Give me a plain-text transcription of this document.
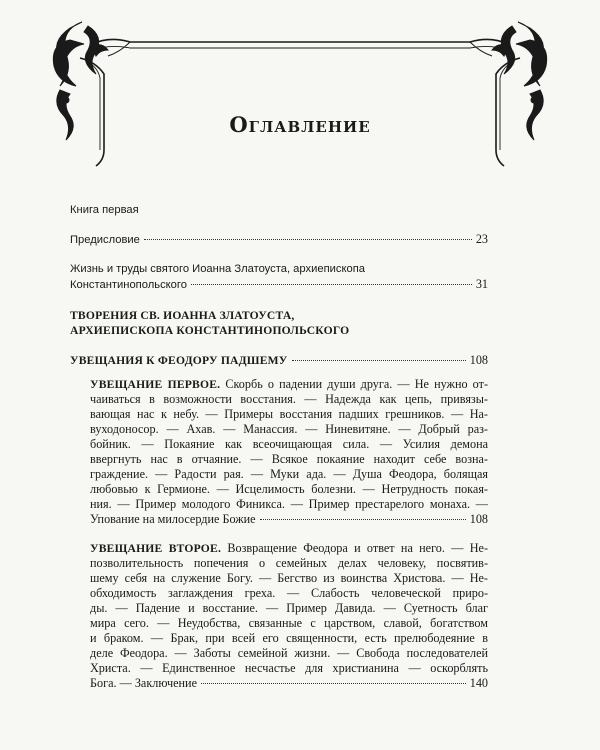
Оглавление
Книга первая
Предисловие	23
Жизнь и труды святого Иоанна Златоуста, архиепископа
Константинопольского	31
ТВОРЕНИЯ СВ. ИОАННА ЗЛАТОУСТА,
АРХИЕПИСКОПА КОНСТАНТИНОПОЛЬСКОГО
УВЕЩАНИЯ К ФЕОДОРУ ПАДШЕМУ	108
УВЕЩАНИЕ ПЕРВОЕ. Скорбь о падении души друга. — Не нужно от-
чаиваться в возможности восстания. — Надежда как цепь, привязы-
вающая нас к небу. — Примеры восстания падших грешников. — На-
вуходоносор. — Ахав. — Манассия. — Ниневитяне. — Добрый раз-
бойник. — Покаяние как всеочищающая сила. — Усилия демона
ввергнуть нас в отчаяние. — Всякое покаяние находит себе возна-
граждение. — Радости рая. — Муки ада. — Душа Феодора, болящая
любовью к Гермионе. — Исцелимость болезни. — Нетрудность покая-
ния. — Пример молодого Финикса. — Пример престарелого монаха. —
Упование на милосердие Божие	108
УВЕЩАНИЕ ВТОРОЕ. Возвращение Феодора и ответ на него. — Не-
позволительность попечения о семейных делах человеку, посвятив-
шему себя на служение Богу. — Бегство из воинства Христова. — Не-
обходимость заглаждения греха. — Слабость человеческой приро-
ды. — Падение и восстание. — Пример Давида. — Суетность благ
мира сего. — Неудобства, связанные с царством, славой, богатством
и браком. — Брак, при всей его священности, есть прелюбодеяние в
деле Феодора. — Заботы семейной жизни. — Свобода последователей
Христа. — Единственное несчастье для христианина — оскорблять
Бога. — Заключение	140
